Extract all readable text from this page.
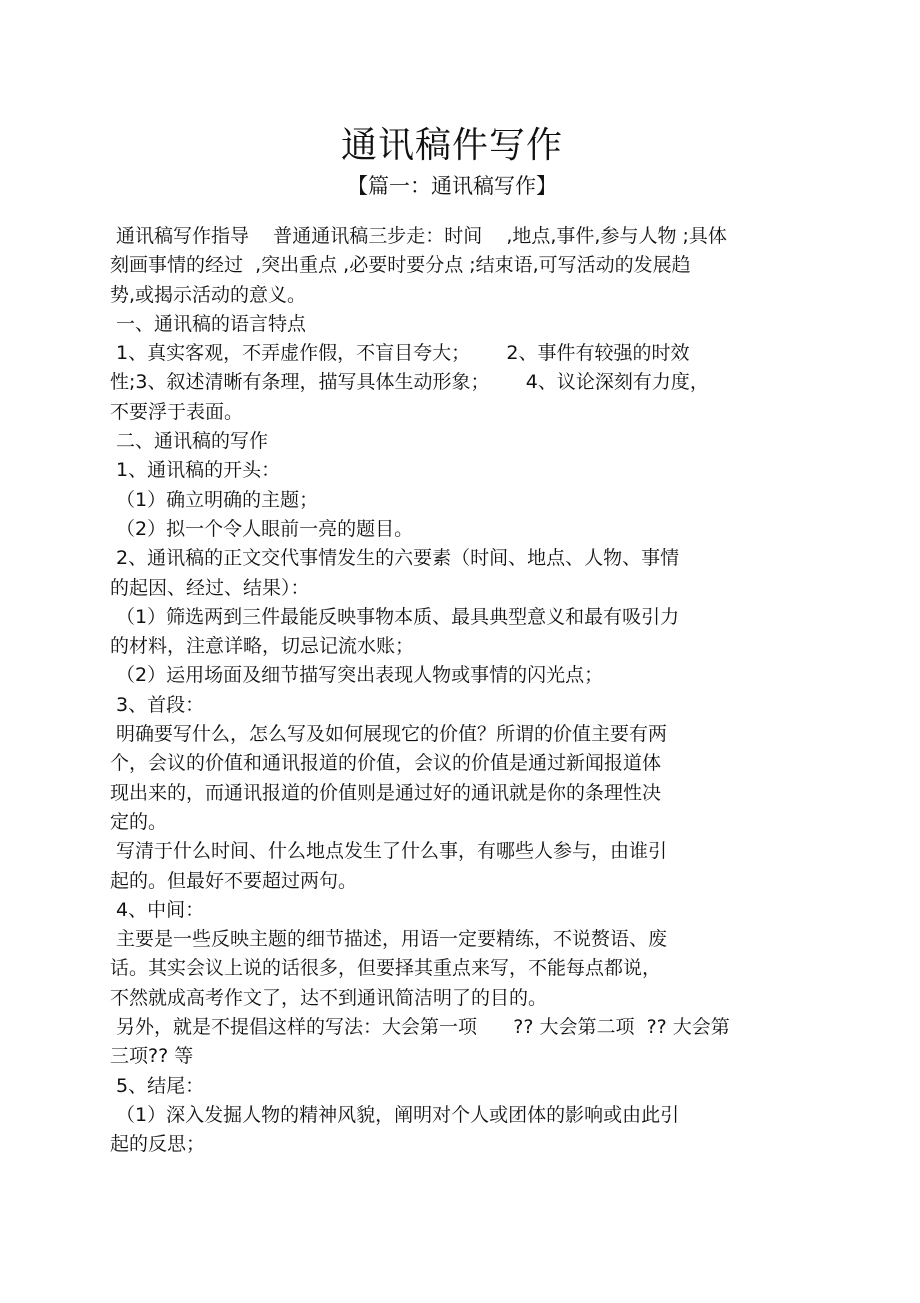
通讯稿件写作
【篇一：通讯稿写作】
通讯稿写作指导    普通通讯稿三步走：时间    ,地点,事件,参与人物 ;具体
刻画事情的经过  ,突出重点 ,必要时要分点 ;结束语,可写活动的发展趋
势,或揭示活动的意义。
一、通讯稿的语言特点
1、真实客观，不弄虚作假，不盲目夸大；      2、事件有较强的时效
性;3、叙述清晰有条理，描写具体生动形象；      4、议论深刻有力度，
不要浮于表面。
二、通讯稿的写作
1、通讯稿的开头：
（1）确立明确的主题；
（2）拟一个令人眼前一亮的题目。
2、通讯稿的正文交代事情发生的六要素（时间、地点、人物、事情
的起因、经过、结果）：
（1）筛选两到三件最能反映事物本质、最具典型意义和最有吸引力
的材料，注意详略，切忌记流水账；
（2）运用场面及细节描写突出表现人物或事情的闪光点；
3、首段：
明确要写什么，怎么写及如何展现它的价值？所谓的价值主要有两
个，会议的价值和通讯报道的价值，会议的价值是通过新闻报道体
现出来的，而通讯报道的价值则是通过好的通讯就是你的条理性决
定的。
写清于什么时间、什么地点发生了什么事，有哪些人参与，由谁引
起的。但最好不要超过两句。
4、中间：
主要是一些反映主题的细节描述，用语一定要精练，不说赘语、废
话。其实会议上说的话很多，但要择其重点来写，不能每点都说，
不然就成高考作文了，达不到通讯简洁明了的目的。
另外，就是不提倡这样的写法：大会第一项      ?? 大会第二项  ?? 大会第
三项?? 等
5、结尾：
（1）深入发掘人物的精神风貌，阐明对个人或团体的影响或由此引
起的反思；
